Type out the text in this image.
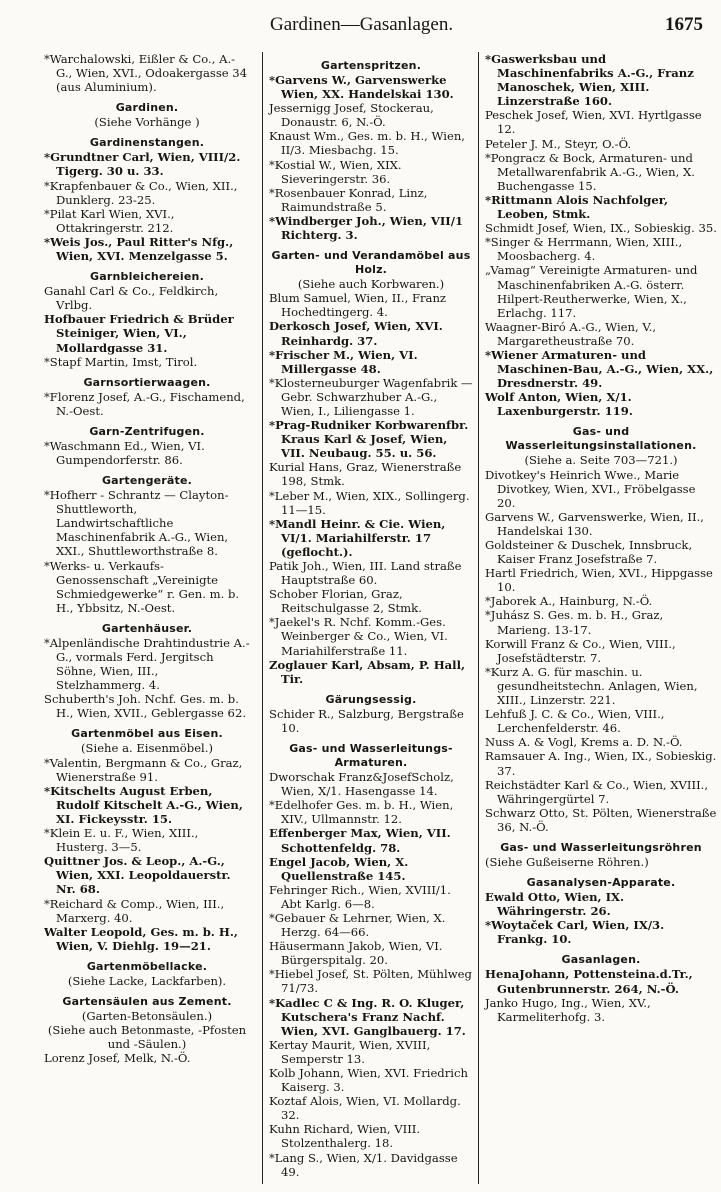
Gardinen—Gasanlagen.	1675
*Warchalowski, Eißler & Co., A.-G., Wien, XVI., Odoakergasse 34 (aus Aluminium).
Gardinen.
(Siehe Vorhänge )
Gardinenstangen.
*Grundtner Carl, Wien, VIII/2. Tigerg. 30 u. 33.
*Krapfenbauer & Co., Wien, XII., Dunklerg. 23-25.
*Pilat Karl Wien, XVI., Ottakringerstr. 212.
*Weis Jos., Paul Ritter's Nfg., Wien, XVI. Menzelgasse 5.
Garnbleichereien.
Ganahl Carl & Co., Feldkirch, Vrlbg.
Hofbauer Friedrich & Brüder Steiniger, Wien, VI., Mollardgasse 31.
*Stapf Martin, Imst, Tirol.
Garnsortierwaagen.
*Florenz Josef, A.-G., Fischamend, N.-Oest.
Garn-Zentrifugen.
*Waschmann Ed., Wien, VI. Gumpendorferstr. 86.
Gartengeräte.
*Hofherr - Schrantz — Clayton-Shuttleworth, Landwirtschaftliche Maschinenfabrik A.-G., Wien, XXI., Shuttleworthstraße 8.
*Werks- u. Verkaufs-Genossenschaft „Vereinigte Schmiedgewerke“ r. Gen. m. b. H., Ybbsitz, N.-Oest.
Gartenhäuser.
*Alpenländische Drahtindustrie A.-G., vormals Ferd. Jergitsch Söhne, Wien, III., Stelzhammerg. 4.
Schuberth's Joh. Nchf. Ges. m. b. H., Wien, XVII., Geblergasse 62.
Gartenmöbel aus Eisen.
(Siehe a. Eisenmöbel.)
*Valentin, Bergmann & Co., Graz, Wienerstraße 91.
*Kitschelts August Erben, Rudolf Kitschelt A.-G., Wien, XI. Fickeysstr. 15.
*Klein E. u. F., Wien, XIII., Husterg. 3—5.
Quittner Jos. & Leop., A.-G., Wien, XXI. Leopoldauerstr. Nr. 68.
*Reichard & Comp., Wien, III., Marxerg. 40.
Walter Leopold, Ges. m. b. H., Wien, V. Diehlg. 19—21.
Gartenmöbellacke.
(Siehe Lacke, Lackfarben).
Gartensäulen aus Zement.
(Garten-Betonsäulen.)
(Siehe auch Betonmaste, -Pfosten und -Säulen.)
Lorenz Josef, Melk, N.-Ö.
Gartenspritzen.
*Garvens W., Garvenswerke Wien, XX. Handelskai 130.
Jessernigg Josef, Stockerau, Donaustr. 6, N.-Ö.
Knaust Wm., Ges. m. b. H., Wien, II/3. Miesbachg. 15.
*Kostial W., Wien, XIX. Sieveringerstr. 36.
*Rosenbauer Konrad, Linz, Raimundstraße 5.
*Windberger Joh., Wien, VII/1 Richterg. 3.
Garten- und Verandamöbel aus Holz.
(Siehe auch Korbwaren.)
Blum Samuel, Wien, II., Franz Hochedtingerg. 4.
Derkosch Josef, Wien, XVI. Reinhardg. 37.
*Frischer M., Wien, VI. Millergasse 48.
*Klosterneuburger Wagenfabrik — Gebr. Schwarzhuber A.-G., Wien, I., Liliengasse 1.
*Prag-Rudniker Korbwarenfbr. Kraus Karl & Josef, Wien, VII. Neubaug. 55. u. 56.
Kurial Hans, Graz, Wienerstraße 198, Stmk.
*Leber M., Wien, XIX., Sollingerg. 11—15.
*Mandl Heinr. & Cie. Wien, VI/1. Mariahilferstr. 17 (geflocht.).
Patik Joh., Wien, III. Land straße Hauptstraße 60.
Schober Florian, Graz, Reitschulgasse 2, Stmk.
*Jaekel's R. Nchf. Komm.-Ges. Weinberger & Co., Wien, VI. Mariahilferstraße 11.
Zoglauer Karl, Absam, P. Hall, Tir.
Gärungsessig.
Schider R., Salzburg, Bergstraße 10.
Gas- und Wasserleitungs-Armaturen.
Dworschak Franz&JosefScholz, Wien, X/1. Hasengasse 14.
*Edelhofer Ges. m. b. H., Wien, XIV., Ullmannstr. 12.
Effenberger Max, Wien, VII. Schottenfeldg. 78.
Engel Jacob, Wien, X. Quellenstraße 145.
Fehringer Rich., Wien, XVIII/1. Abt Karlg. 6—8.
*Gebauer & Lehrner, Wien, X. Herzg. 64—66.
Häusermann Jakob, Wien, VI. Bürgerspitalg. 20.
*Hiebel Josef, St. Pölten, Mühlweg 71/73.
*Kadlec C & Ing. R. O. Kluger, Kutschera's Franz Nachf. Wien, XVI. Ganglbauerg. 17.
Kertay Maurit, Wien, XVIII, Semperstr 13.
Kolb Johann, Wien, XVI. Friedrich Kaiserg. 3.
Koztaf Alois, Wien, VI. Mollardg. 32.
Kuhn Richard, Wien, VIII. Stolzenthalerg. 18.
*Lang S., Wien, X/1. Davidgasse 49.
*Gaswerksbau und Maschinenfabriks A.-G., Franz Manoschek, Wien, XIII. Linzerstraße 160.
Peschek Josef, Wien, XVI. Hyrtlgasse 12.
Peteler J. M., Steyr, O.-Ö.
*Pongracz & Bock, Armaturen- und Metallwarenfabrik A.-G., Wien, X. Buchengasse 15.
*Rittmann Alois Nachfolger, Leoben, Stmk.
Schmidt Josef, Wien, IX., Sobieskig. 35.
*Singer & Herrmann, Wien, XIII., Moosbacherg. 4.
„Vamag“ Vereinigte Armaturen- und Maschinenfabriken A.-G. österr. Hilpert-Reutherwerke, Wien, X., Erlachg. 117.
Waagner-Biró A.-G., Wien, V., Margaretheustraße 70.
*Wiener Armaturen- und Maschinen-Bau, A.-G., Wien, XX., Dresdnerstr. 49.
Wolf Anton, Wien, X/1. Laxenburgerstr. 119.
Gas- und Wasserleitungsinstallationen.
(Siehe a. Seite 703—721.)
Divotkey's Heinrich Wwe., Marie Divotkey, Wien, XVI., Fröbelgasse 20.
Garvens W., Garvenswerke, Wien, II., Handelskai 130.
Goldsteiner & Duschek, Innsbruck, Kaiser Franz Josefstraße 7.
Hartl Friedrich, Wien, XVI., Hippgasse 10.
*Jaborek A., Hainburg, N.-Ö.
*Juhász S. Ges. m. b. H., Graz, Marieng. 13-17.
Korwill Franz & Co., Wien, VIII., Josefstädterstr. 7.
*Kurz A. G. für maschin. u. gesundheitstechn. Anlagen, Wien, XIII., Linzerstr. 221.
Lehfuß J. C. & Co., Wien, VIII., Lerchenfelderstr. 46.
Nuss A. & Vogl, Krems a. D. N.-Ö.
Ramsauer A. Ing., Wien, IX., Sobieskig. 37.
Reichstädter Karl & Co., Wien, XVIII., Währingergürtel 7.
Schwarz Otto, St. Pölten, Wienerstraße 36, N.-Ö.
Gas- und Wasserleitungsröhren
(Siehe Gußeiserne Röhren.)
Gasanalysen-Apparate.
Ewald Otto, Wien, IX. Währingerstr. 26.
*Woytaček Carl, Wien, IX/3. Frankg. 10.
Gasanlagen.
HenaJohann, Pottensteina.d.Tr., Gutenbrunnerstr. 264, N.-Ö.
Janko Hugo, Ing., Wien, XV., Karmeliterhofg. 3.
